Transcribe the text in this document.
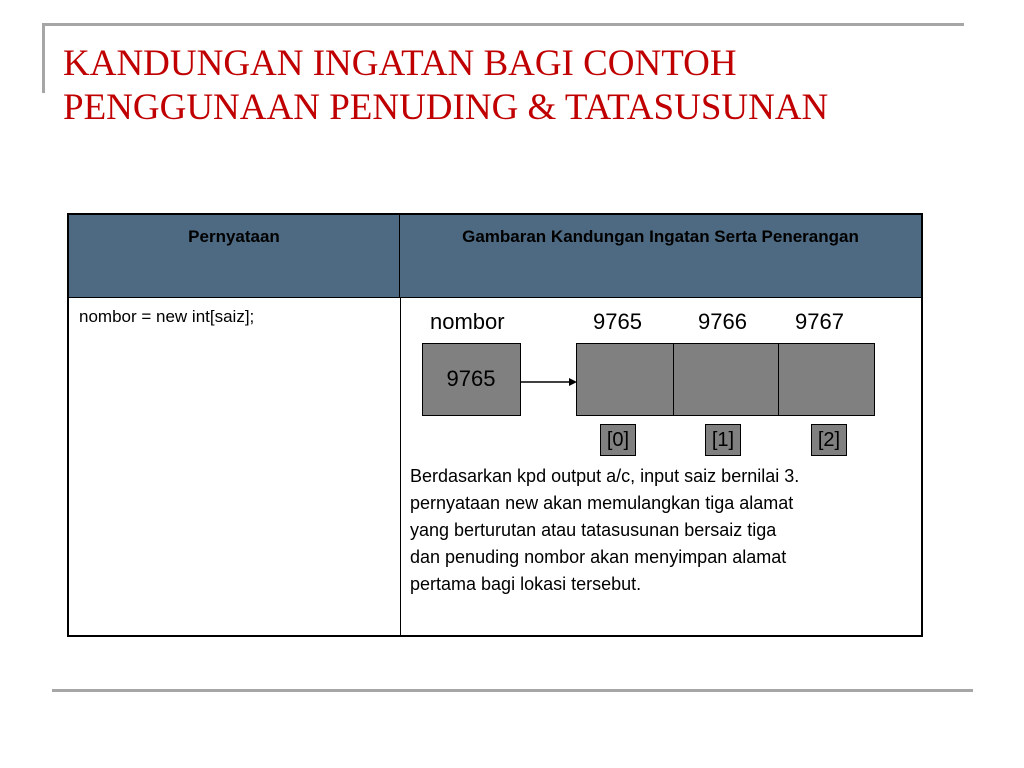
KANDUNGAN INGATAN BAGI CONTOH
PENGGUNAAN PENUDING & TATASUSUNAN
Pernyataan	Gambaran Kandungan Ingatan Serta Penerangan
nombor = new int[saiz];	nombor	9765	9766 9767
9765
[0]	[1]	[2]
Berdasarkan kpd output a/c, input saiz bernilai 3.
pernyataan new akan memulangkan tiga alamat
yang berturutan atau tatasusunan bersaiz tiga
dan penuding nombor akan menyimpan alamat
pertama bagi lokasi tersebut.
